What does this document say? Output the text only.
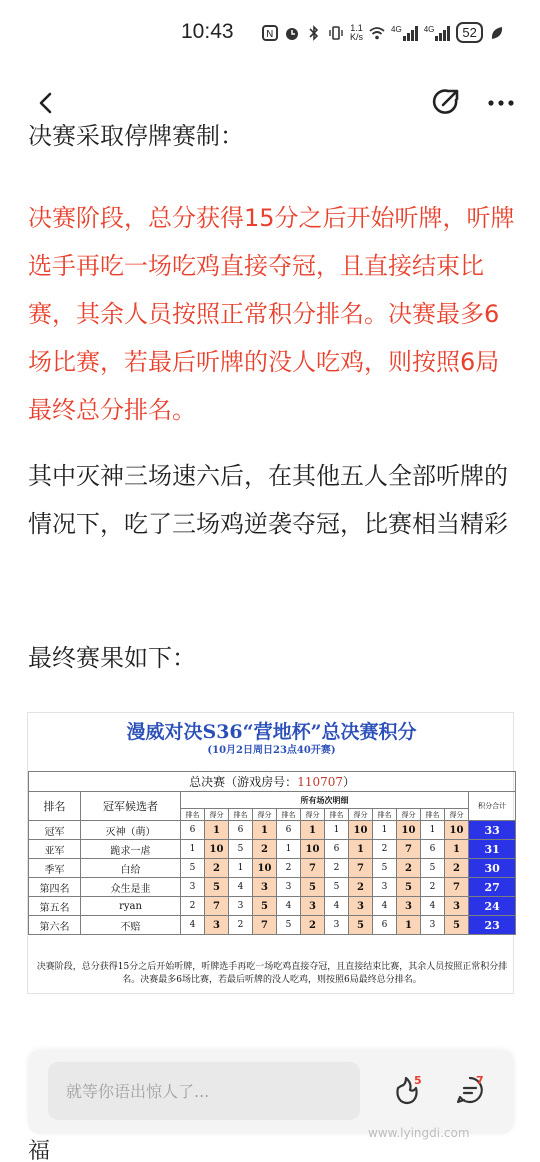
10:43	N
1.1
K/s
4G	4G	52
决赛采取停牌赛制：

决赛阶段，总分获得15分之后开始听牌，听牌选手再吃一场吃鸡直接夺冠，且直接结束比赛，其余人员按照正常积分排名。决赛最多6场比赛，若最后听牌的没人吃鸡，则按照6局最终总分排名。

其中灭神三场速六后，在其他五人全部听牌的情况下，吃了三场鸡逆袭夺冠，比赛相当精彩

最终赛果如下：

漫威对决S36“营地杯”总决赛积分
(10月2日周日23点40开赛)
总决赛（游戏房号：110707）														
排名	冠军候选者	所有场次明细												积分合计
		排名	得分	排名	得分	排名	得分	排名	得分	排名	得分	排名	得分	
冠军	灭神（萌）	6	1	6	1	6	1	1	10	1	10	1	10	33
亚军	跪求一虐	1	10	5	2	1	10	6	1	2	7	6	1	31
季军	白给	5	2	1	10	2	7	2	7	5	2	5	2	30
第四名	众生是韭	3	5	4	3	3	5	5	2	3	5	2	7	27
第五名	ryan	2	7	3	5	4	3	4	3	4	3	4	3	24
第六名	不赔	4	3	2	7	5	2	3	5	6	1	3	5	23
决赛阶段，总分获得15分之后开始听牌，听牌选手再吃一场吃鸡直接夺冠，且直接结束比赛，其余人员按照正常积分排名。决赛最多6场比赛，若最后听牌的没人吃鸡，则按照6局最终总分排名。
就等你语出惊人了...
5	7
福
www.lyingdi.com
